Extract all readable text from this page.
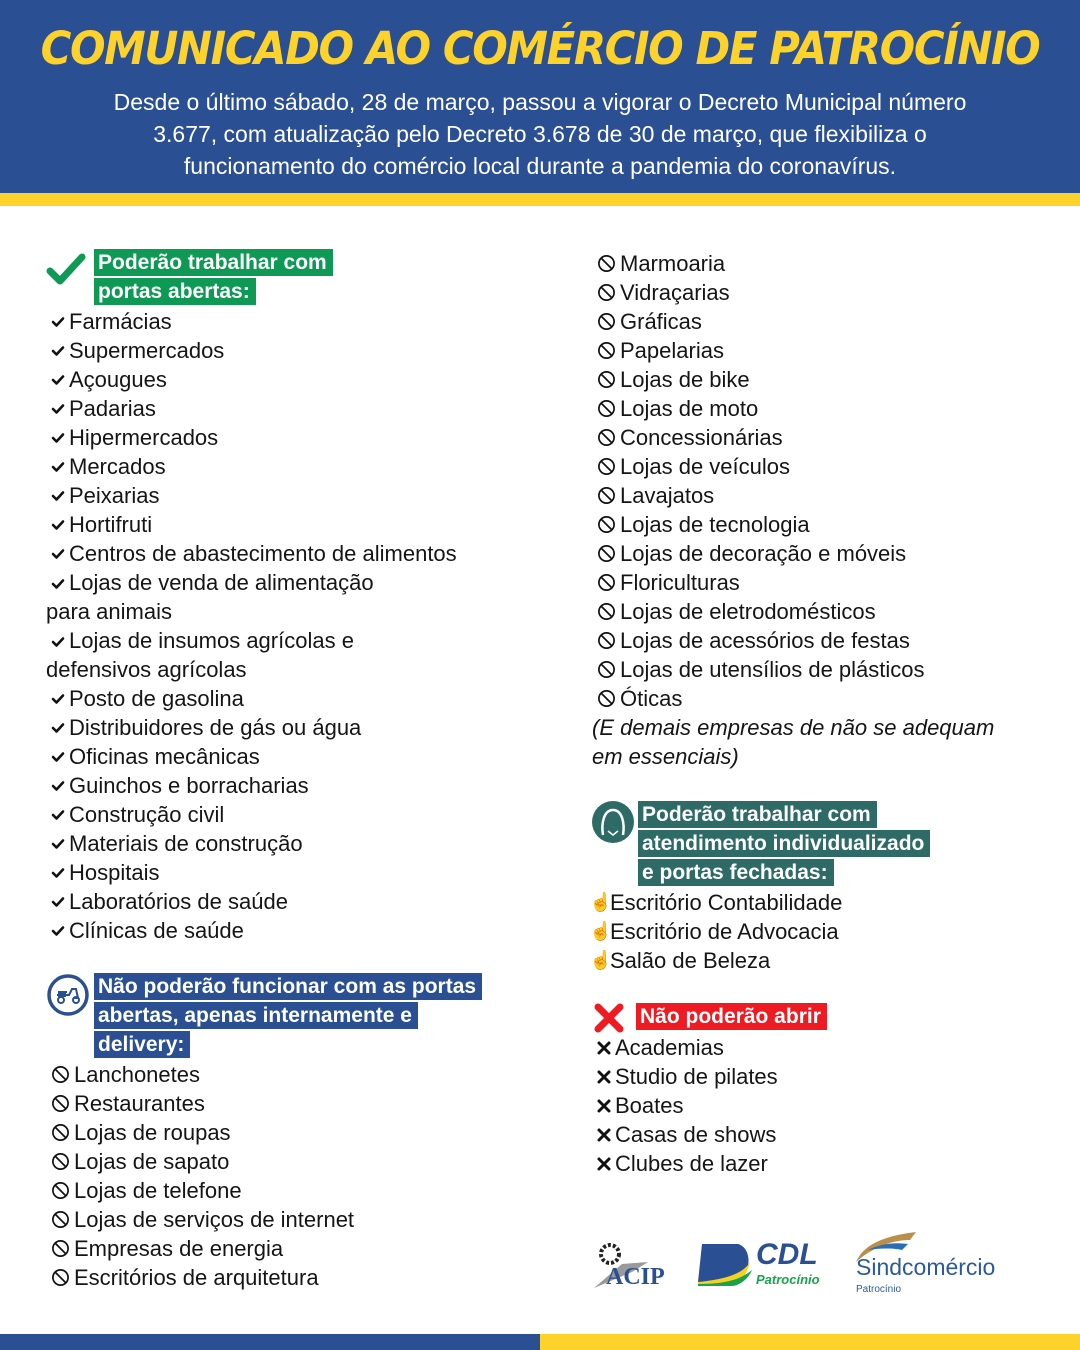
COMUNICADO AO COMÉRCIO DE PATROCÍNIO
Desde o último sábado, 28 de março, passou a vigorar o Decreto Municipal número
3.677, com atualização pelo Decreto 3.678 de 30 de março, que flexibiliza o
funcionamento do comércio local durante a pandemia do coronavírus.
Poderão trabalhar com
portas abertas:
Farmácias
Supermercados
Açougues
Padarias
Hipermercados
Mercados
Peixarias
Hortifruti
Centros de abastecimento de alimentos
Lojas de venda de alimentação
para animais
Lojas de insumos agrícolas e
defensivos agrícolas
Posto de gasolina
Distribuidores de gás ou água
Oficinas mecânicas
Guinchos e borracharias
Construção civil
Materiais de construção
Hospitais
Laboratórios de saúde
Clínicas de saúde
Não poderão funcionar com as portas
abertas, apenas internamente e
delivery:
Lanchonetes
Restaurantes
Lojas de roupas
Lojas de sapato
Lojas de telefone
Lojas de serviços de internet
Empresas de energia
Escritórios de arquitetura
Marmoaria
Vidraçarias
Gráficas
Papelarias
Lojas de bike
Lojas de moto
Concessionárias
Lojas de veículos
Lavajatos
Lojas de tecnologia
Lojas de decoração e móveis
Floriculturas
Lojas de eletrodomésticos
Lojas de acessórios de festas
Lojas de utensílios de plásticos
Óticas
(E demais empresas de não se adequam
em essenciais)
Poderão trabalhar com
atendimento individualizado
e portas fechadas:
☝
Escritório Contabilidade
☝
Escritório de Advocacia
☝
Salão de Beleza
Não poderão abrir
Academias
Studio de pilates
Boates
Casas de shows
Clubes de lazer
ACIP
CDL
Patrocínio Sindcomércio
Patrocínio
